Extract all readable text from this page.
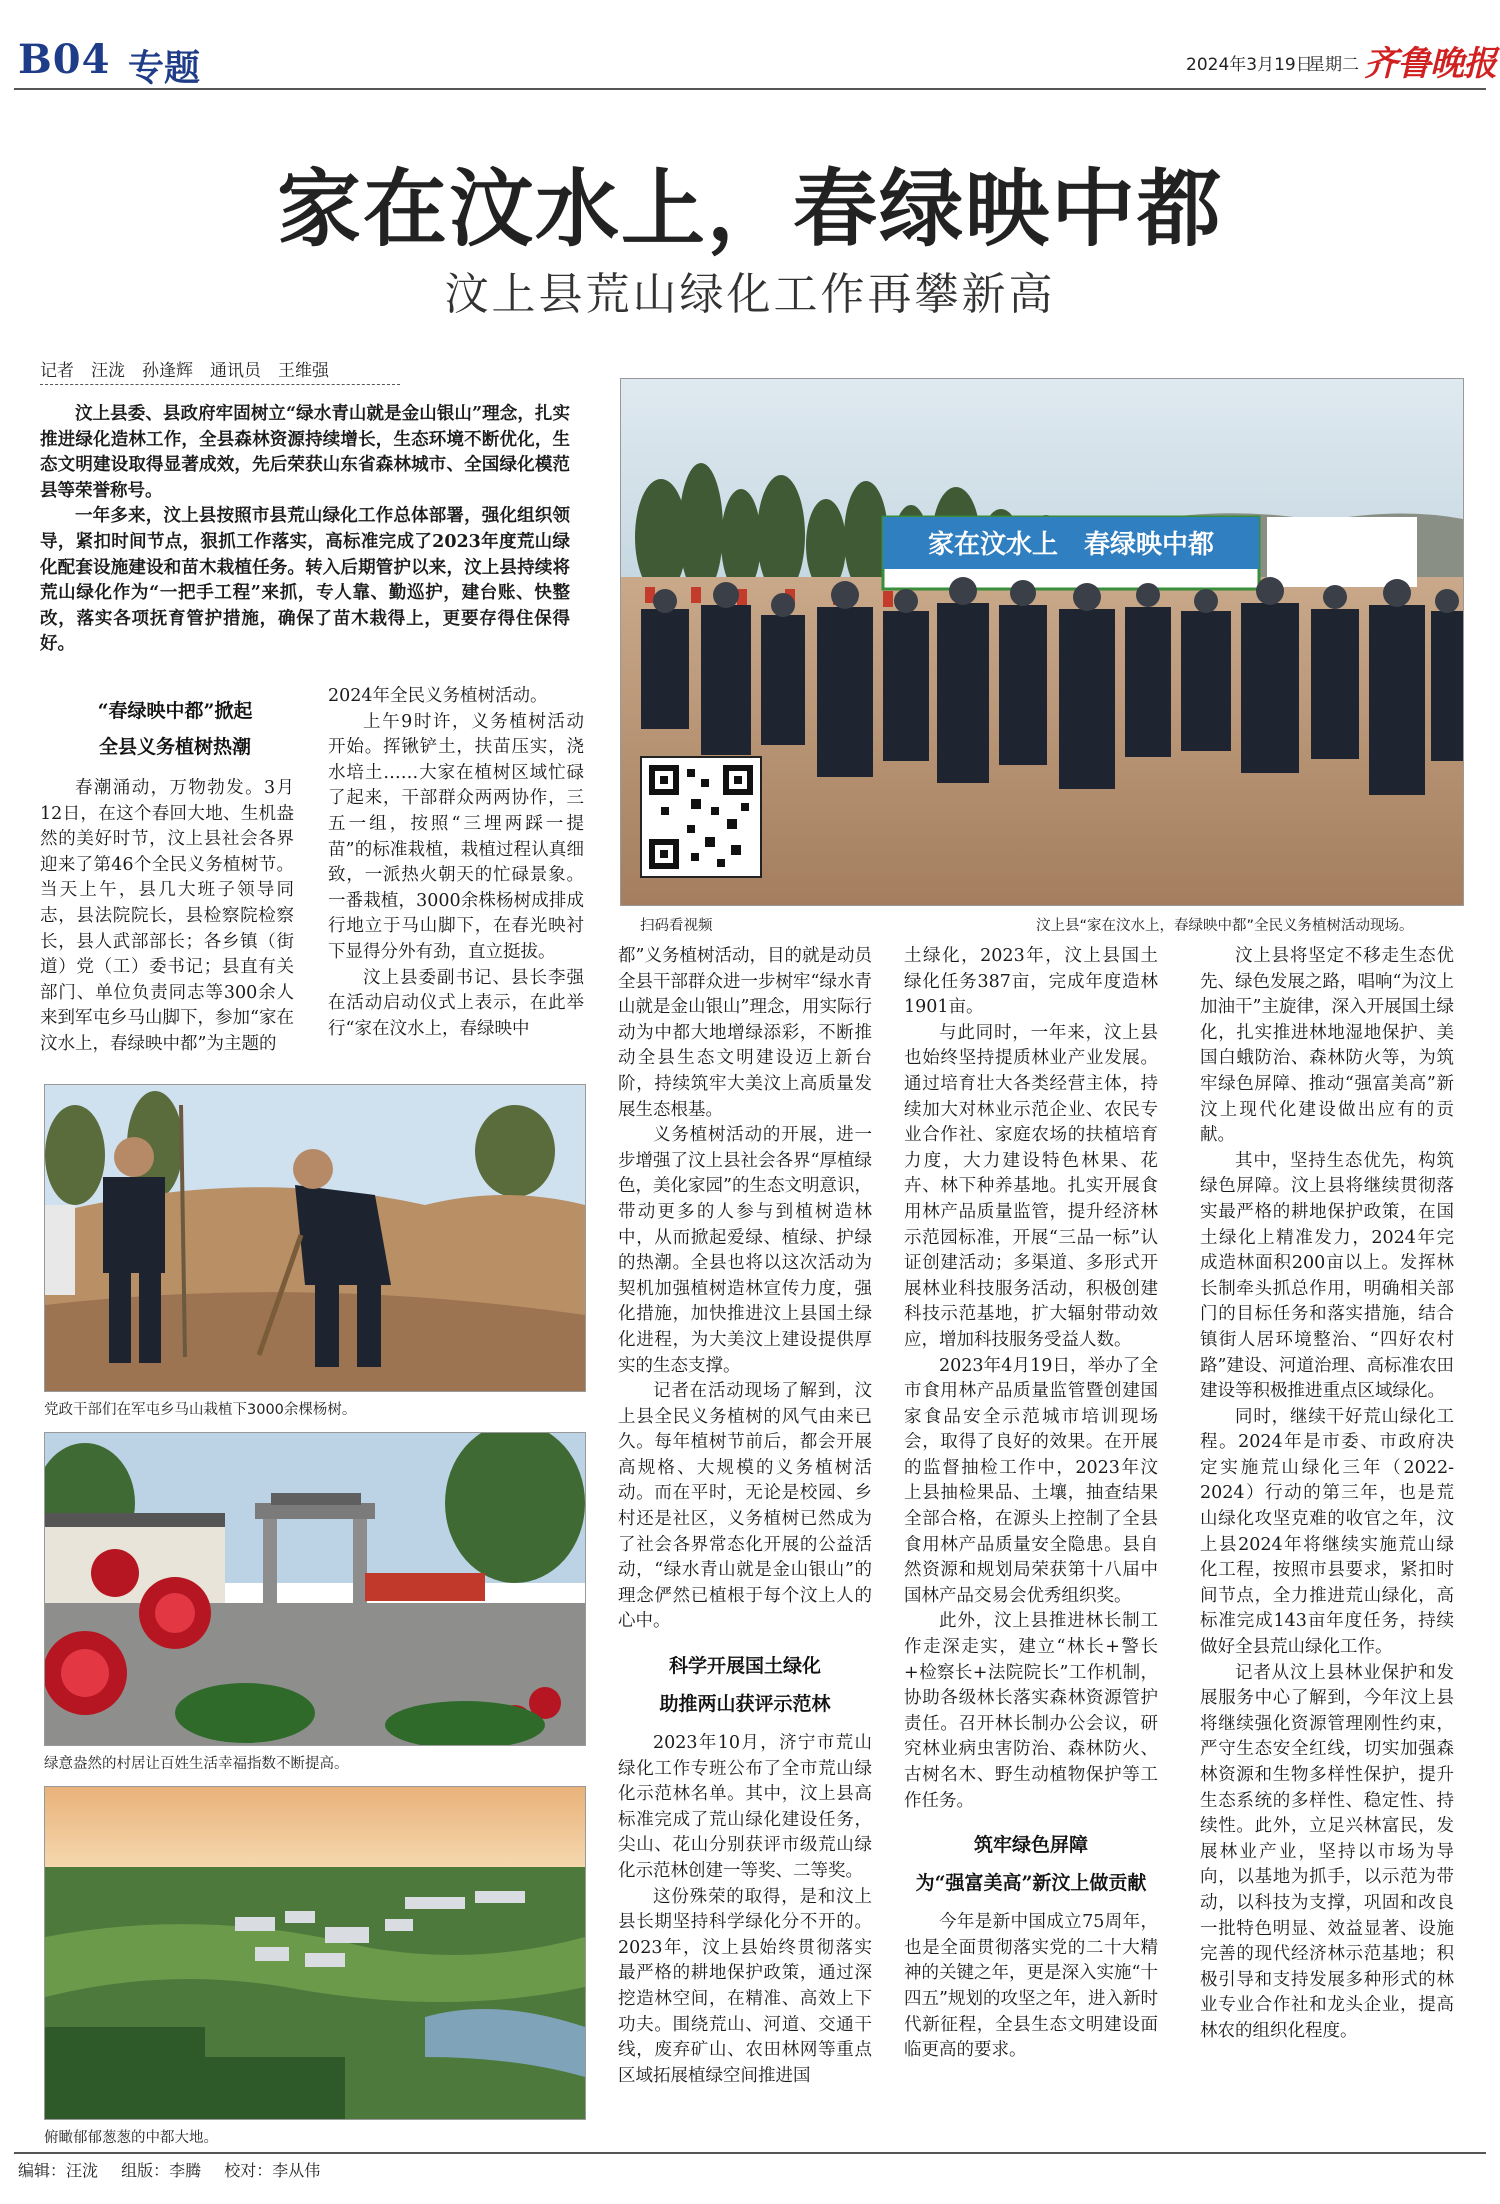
B04 专题	2024年3月19日
星期二 齐鲁晚报
家在汶水上，春绿映中都
汶上县荒山绿化工作再攀新高
记者　汪泷　孙逢辉　通讯员　王维强

汶上县委、县政府牢固树立“绿水青山就是金山银山”理念，扎实推进绿化造林工作，全县森林资源持续增长，生态环境不断优化，生态文明建设取得显著成效，先后荣获山东省森林城市、全国绿化模范县等荣誉称号。

一年多来，汶上县按照市县荒山绿化工作总体部署，强化组织领导，紧扣时间节点，狠抓工作落实，高标准完成了2023年度荒山绿化配套设施建设和苗木栽植任务。转入后期管护以来，汶上县持续将荒山绿化作为“一把手工程”来抓，专人靠、勤巡护，建台账、快整改，落实各项抚育管护措施，确保了苗木栽得上，更要存得住保得好。

家在汶水上　春绿映中都
扫码看视频	汶上县“家在汶水上，春绿映中都”全民义务植树活动现场。
“春绿映中都”掀起
全县义务植树热潮

春潮涌动，万物勃发。3月12日，在这个春回大地、生机盎然的美好时节，汶上县社会各界迎来了第46个全民义务植树节。当天上午，县几大班子领导同志，县法院院长，县检察院检察长，县人武部部长；各乡镇（街道）党（工）委书记；县直有关部门、单位负责同志等300余人来到军屯乡马山脚下，参加“家在汶水上，春绿映中都”为主题的

2024年全民义务植树活动。

上午9时许，义务植树活动开始。挥锹铲土，扶苗压实，浇水培土……大家在植树区域忙碌了起来，干部群众两两协作，三五一组，按照“三埋两踩一提苗”的标准栽植，栽植过程认真细致，一派热火朝天的忙碌景象。一番栽植，3000余株杨树成排成行地立于马山脚下，在春光映衬下显得分外有劲，直立挺拔。

汶上县委副书记、县长李强在活动启动仪式上表示，在此举行“家在汶水上，春绿映中

党政干部们在军屯乡马山栽植下3000余棵杨树。
绿意盎然的村居让百姓生活幸福指数不断提高。
俯瞰郁郁葱葱的中都大地。

都”义务植树活动，目的就是动员全县干部群众进一步树牢“绿水青山就是金山银山”理念，用实际行动为中都大地增绿添彩，不断推动全县生态文明建设迈上新台阶，持续筑牢大美汶上高质量发展生态根基。

义务植树活动的开展，进一步增强了汶上县社会各界“厚植绿色，美化家园”的生态文明意识，带动更多的人参与到植树造林中，从而掀起爱绿、植绿、护绿的热潮。全县也将以这次活动为契机加强植树造林宣传力度，强化措施，加快推进汶上县国土绿化进程，为大美汶上建设提供厚实的生态支撑。

记者在活动现场了解到，汶上县全民义务植树的风气由来已久。每年植树节前后，都会开展高规格、大规模的义务植树活动。而在平时，无论是校园、乡村还是社区，义务植树已然成为了社会各界常态化开展的公益活动，“绿水青山就是金山银山”的理念俨然已植根于每个汶上人的心中。

科学开展国土绿化
助推两山获评示范林

2023年10月，济宁市荒山绿化工作专班公布了全市荒山绿化示范林名单。其中，汶上县高标准完成了荒山绿化建设任务，尖山、花山分别获评市级荒山绿化示范林创建一等奖、二等奖。

这份殊荣的取得，是和汶上县长期坚持科学绿化分不开的。2023年，汶上县始终贯彻落实最严格的耕地保护政策，通过深挖造林空间，在精准、高效上下功夫。围绕荒山、河道、交通干线，废弃矿山、农田林网等重点区域拓展植绿空间推进国

土绿化，2023年，汶上县国土绿化任务387亩，完成年度造林1901亩。

与此同时，一年来，汶上县也始终坚持提质林业产业发展。通过培育壮大各类经营主体，持续加大对林业示范企业、农民专业合作社、家庭农场的扶植培育力度，大力建设特色林果、花卉、林下种养基地。扎实开展食用林产品质量监管，提升经济林示范园标准，开展“三品一标”认证创建活动；多渠道、多形式开展林业科技服务活动，积极创建科技示范基地，扩大辐射带动效应，增加科技服务受益人数。

2023年4月19日，举办了全市食用林产品质量监管暨创建国家食品安全示范城市培训现场会，取得了良好的效果。在开展的监督抽检工作中，2023年汶上县抽检果品、土壤，抽查结果全部合格，在源头上控制了全县食用林产品质量安全隐患。县自然资源和规划局荣获第十八届中国林产品交易会优秀组织奖。

此外，汶上县推进林长制工作走深走实，建立“林长+警长+检察长+法院院长”工作机制，协助各级林长落实森林资源管护责任。召开林长制办公会议，研究林业病虫害防治、森林防火、古树名木、野生动植物保护等工作任务。

筑牢绿色屏障
为“强富美高”新汶上做贡献

今年是新中国成立75周年，也是全面贯彻落实党的二十大精神的关键之年，更是深入实施“十四五”规划的攻坚之年，进入新时代新征程，全县生态文明建设面临更高的要求。

汶上县将坚定不移走生态优先、绿色发展之路，唱响“为汶上加油干”主旋律，深入开展国土绿化，扎实推进林地湿地保护、美国白蛾防治、森林防火等，为筑牢绿色屏障、推动“强富美高”新汶上现代化建设做出应有的贡献。

其中，坚持生态优先，构筑绿色屏障。汶上县将继续贯彻落实最严格的耕地保护政策，在国土绿化上精准发力，2024年完成造林面积200亩以上。发挥林长制牵头抓总作用，明确相关部门的目标任务和落实措施，结合镇街人居环境整治、“四好农村路”建设、河道治理、高标准农田建设等积极推进重点区域绿化。

同时，继续干好荒山绿化工程。2024年是市委、市政府决定实施荒山绿化三年（2022-2024）行动的第三年，也是荒山绿化攻坚克难的收官之年，汶上县2024年将继续实施荒山绿化工程，按照市县要求，紧扣时间节点，全力推进荒山绿化，高标准完成143亩年度任务，持续做好全县荒山绿化工作。

记者从汶上县林业保护和发展服务中心了解到，今年汶上县将继续强化资源管理刚性约束，严守生态安全红线，切实加强森林资源和生物多样性保护，提升生态系统的多样性、稳定性、持续性。此外，立足兴林富民，发展林业产业，坚持以市场为导向，以基地为抓手，以示范为带动，以科技为支撑，巩固和改良一批特色明显、效益显著、设施完善的现代经济林示范基地；积极引导和支持发展多种形式的林业专业合作社和龙头企业，提高林农的组织化程度。

编辑：汪泷 组版：李腾 校对：李从伟
